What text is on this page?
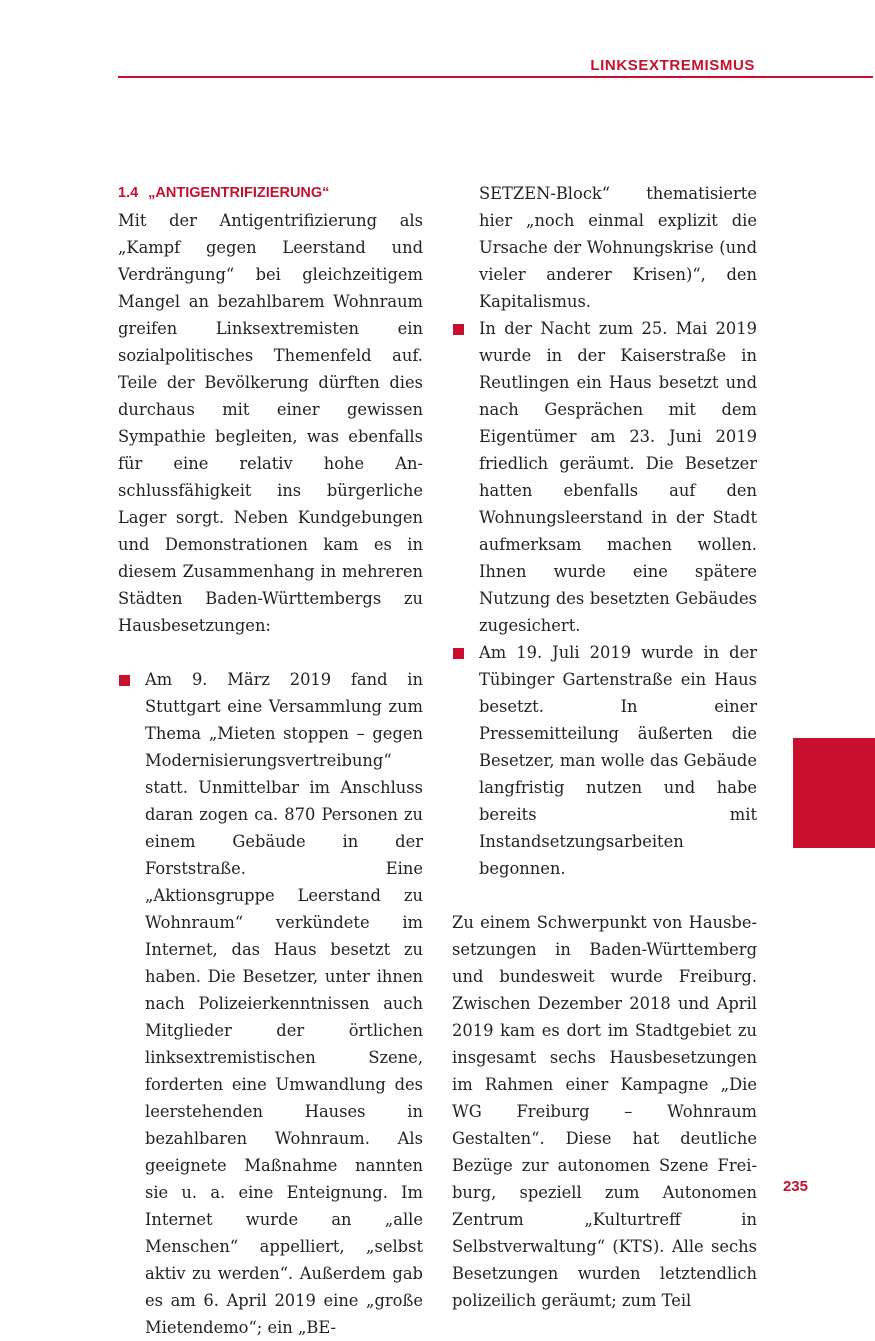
LINKSEXTREMISMUS
1.4 „ANTIGENTRIFIZIERUNG“

Mit der Antigentrifizierung als „Kampf gegen Leerstand und Verdrängung“ bei gleichzeitigem Mangel an bezahlbarem Wohnraum greifen Linksextremisten ein sozialpolitisches Themenfeld auf. Teile der Bevölkerung dürften dies durchaus mit einer gewissen Sympathie begleiten, was ebenfalls für eine relativ hohe Anschlussfähigkeit ins bürgerliche Lager sorgt. Neben Kundgebungen und Demonstrationen kam es in diesem Zusammenhang in mehreren Städten Baden-Württembergs zu Hausbesetzungen:

Am 9. März 2019 fand in Stuttgart eine Versammlung zum Thema „Mieten stoppen – gegen Modernisierungsvertreibung“ statt. Unmittelbar im Anschluss daran zogen ca. 870 Personen zu einem Gebäude in der Forststraße. Eine „Aktionsgruppe Leerstand zu Wohnraum“ verkündete im Internet, das Haus besetzt zu haben. Die Besetzer, unter ihnen nach Polizeierkenntnissen auch Mitglieder der örtlichen linksextremistischen Szene, forderten eine Umwandlung des leerstehenden Hauses in bezahlbaren Wohnraum. Als geeignete Maßnahme nannten sie u. a. eine Enteignung. Im Internet wurde an „alle Menschen“ appelliert, „selbst aktiv zu werden“. Außerdem gab es am 6. April 2019 eine „große Mietendemo“; ein „BE-

SETZEN-Block“ thematisierte hier „noch einmal explizit die Ursache der Wohnungskrise (und vieler anderer Krisen)“, den Kapitalismus.

In der Nacht zum 25. Mai 2019 wurde in der Kaiserstraße in Reutlingen ein Haus besetzt und nach Gesprächen mit dem Eigentümer am 23. Juni 2019 friedlich geräumt. Die Besetzer hatten ebenfalls auf den Wohnungsleerstand in der Stadt aufmerksam machen wollen. Ihnen wurde eine spätere Nutzung des besetzten Gebäudes zugesichert.
Am 19. Juli 2019 wurde in der Tübinger Gartenstraße ein Haus besetzt. In einer Pressemitteilung äußerten die Besetzer, man wolle das Gebäude langfristig nutzen und habe bereits mit Instandsetzungsarbeiten begonnen.

Zu einem Schwerpunkt von Hausbesetzungen in Baden-Württemberg und bundesweit wurde Freiburg. Zwischen Dezember 2018 und April 2019 kam es dort im Stadtgebiet zu insgesamt sechs Hausbesetzungen im Rahmen einer Kampagne „Die WG Freiburg – Wohnraum Gestalten“. Diese hat deutliche Bezüge zur autonomen Szene Freiburg, speziell zum Autonomen Zentrum „Kulturtreff in Selbstverwaltung“ (KTS). Alle sechs Besetzungen wurden letztendlich polizeilich geräumt; zum Teil

235
